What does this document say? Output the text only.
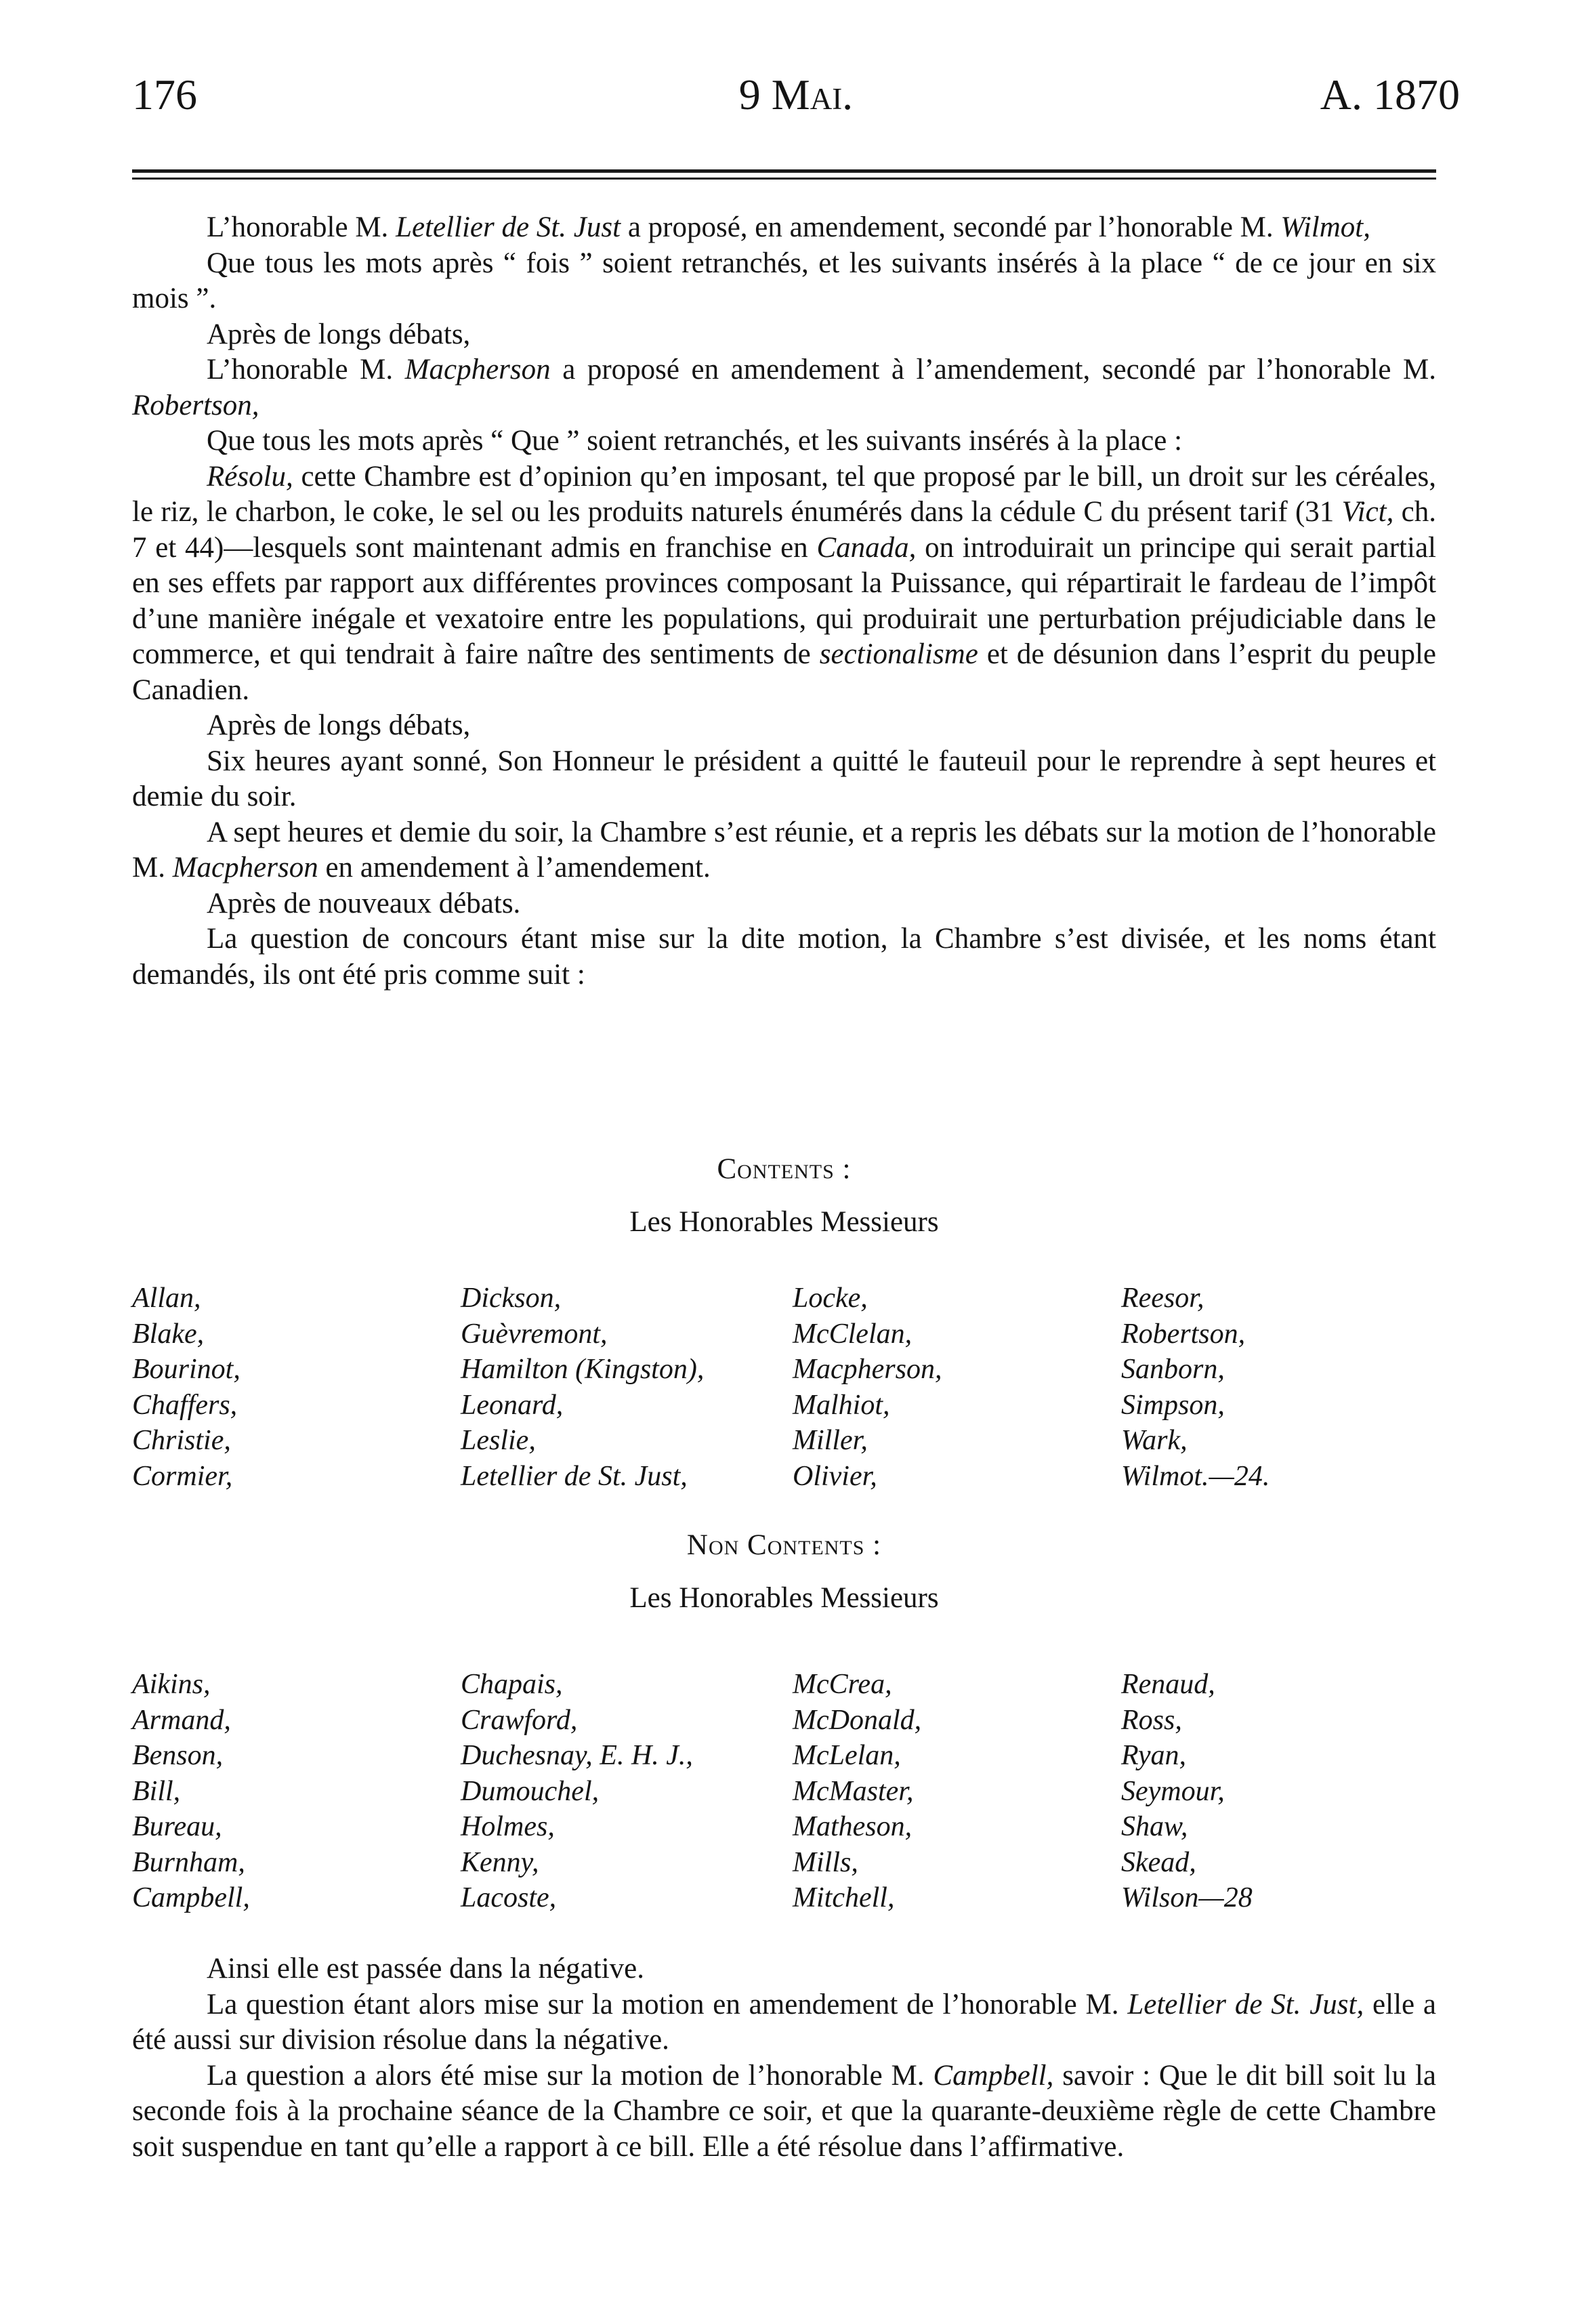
176	9 Mai.	A. 1870

L’honorable M. Letellier de St. Just a proposé, en amendement, secondé par l’honorable M. Wilmot,

Que tous les mots après “ fois ” soient retranchés, et les suivants insérés à la place “ de ce jour en six mois ”.

Après de longs débats,

L’honorable M. Macpherson a proposé en amendement à l’amendement, secondé par l’honorable M. Robertson,

Que tous les mots après “ Que ” soient retranchés, et les suivants insérés à la place :

Résolu, cette Chambre est d’opinion qu’en imposant, tel que proposé par le bill, un droit sur les céréales, le riz, le charbon, le coke, le sel ou les produits naturels énumérés dans la cédule C du présent tarif (31 Vict, ch. 7 et 44)—lesquels sont maintenant admis en franchise en Canada, on introduirait un principe qui serait partial en ses effets par rapport aux différentes provinces composant la Puissance, qui répartirait le fardeau de l’impôt d’une manière inégale et vexatoire entre les populations, qui produirait une perturbation préjudiciable dans le commerce, et qui tendrait à faire naître des sentiments de sectionalisme et de désunion dans l’esprit du peuple Canadien.

Après de longs débats,

Six heures ayant sonné, Son Honneur le président a quitté le fauteuil pour le reprendre à sept heures et demie du soir.

A sept heures et demie du soir, la Chambre s’est réunie, et a repris les débats sur la motion de l’honorable M. Macpherson en amendement à l’amendement.

Après de nouveaux débats.

La question de concours étant mise sur la dite motion, la Chambre s’est divisée, et les noms étant demandés, ils ont été pris comme suit :

Contents :

Les Honorables Messieurs

Allan,
Blake,
Bourinot,
Chaffers,
Christie,
Cormier,
Dickson,
Guèvremont,
Hamilton (Kingston),
Leonard,
Leslie,
Letellier de St. Just,
Locke,
McClelan,
Macpherson,
Malhiot,
Miller,
Olivier,
Reesor,
Robertson,
Sanborn,
Simpson,
Wark,
Wilmot.—24.

Non Contents :

Les Honorables Messieurs

Aikins,
Armand,
Benson,
Bill,
Bureau,
Burnham,
Campbell,
Chapais,
Crawford,
Duchesnay, E. H. J.,
Dumouchel,
Holmes,
Kenny,
Lacoste,
McCrea,
McDonald,
McLelan,
McMaster,
Matheson,
Mills,
Mitchell,
Renaud,
Ross,
Ryan,
Seymour,
Shaw,
Skead,
Wilson—28

Ainsi elle est passée dans la négative.

La question étant alors mise sur la motion en amendement de l’honorable M. Letellier de St. Just, elle a été aussi sur division résolue dans la négative.

La question a alors été mise sur la motion de l’honorable M. Campbell, savoir : Que le dit bill soit lu la seconde fois à la prochaine séance de la Chambre ce soir, et que la quarante-deuxième règle de cette Chambre soit suspendue en tant qu’elle a rapport à ce bill. Elle a été résolue dans l’affirmative.
